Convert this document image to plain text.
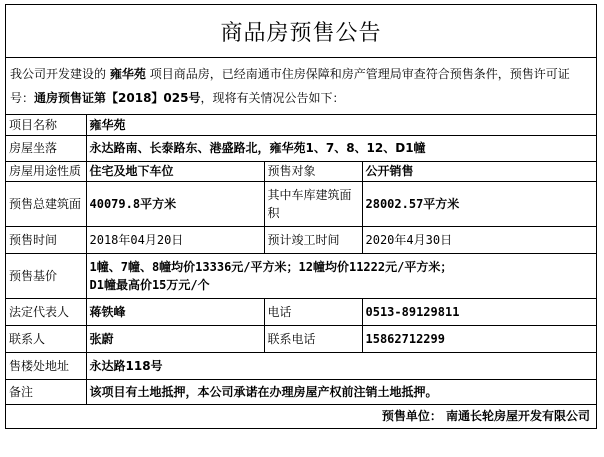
商品房预售公告
我公司开发建设的 雍华苑 项目商品房，已经南通市住房保障和房产管理局审查符合预售条件，预售许可证号：通房预售证第【2018】025号，现将有关情况公告如下：
项目名称	雍华苑		
房屋坐落	永达路南、长泰路东、港盛路北，雍华苑1、7、8、12、D1幢		
房屋用途性质	住宅及地下车位	预售对象	公开销售
预售总建筑面	40079.8平方米	其中车库建筑面积	28002.57平方米
预售时间	2018年04月20日	预计竣工时间	2020年4月30日
预售基价	1幢、7幢、8幢均价13336元/平方米；12幢均价11222元/平方米；
D1幢最高价15万元/个		

法定代表人	蒋铁峰	电话	0513-89129811
联系人	张蔚	联系电话	15862712299
售楼处地址	永达路118号		
备注	该项目有土地抵押，本公司承诺在办理房屋产权前注销土地抵押。		
预售单位： 南通长轮房屋开发有限公司			
